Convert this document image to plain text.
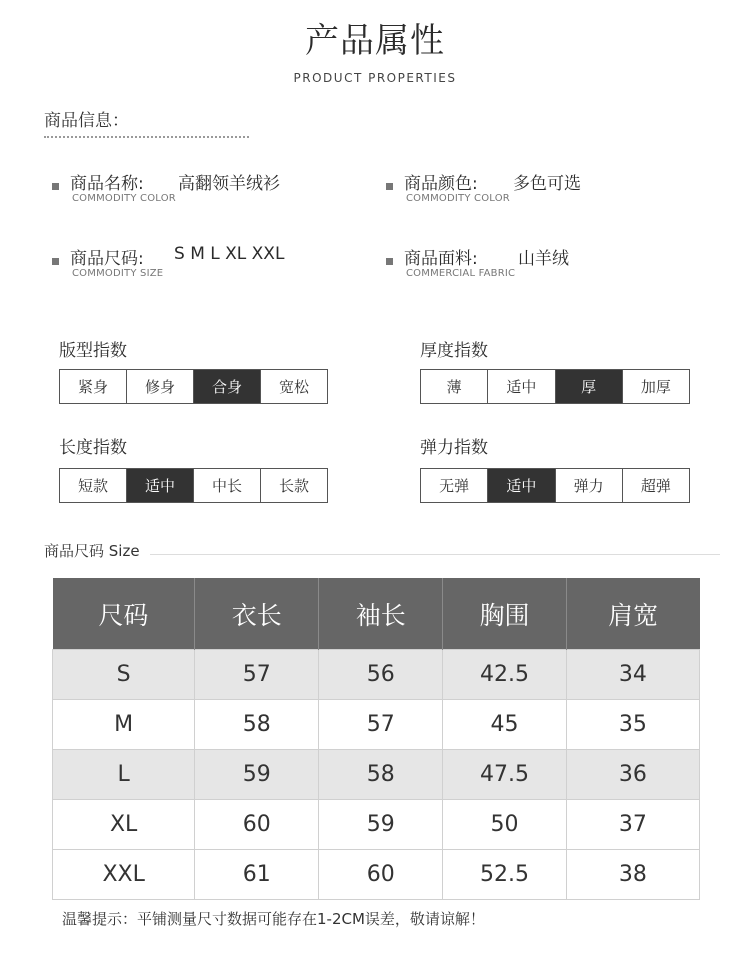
产品属性
PRODUCT PROPERTIES
商品信息：
商品名称: 高翻领羊绒衫
COMMODITY COLOR
商品颜色: 多色可选
COMMODITY COLOR
商品尺码: S M L XL XXL
COMMODITY SIZE
商品面料: 山羊绒
COMMERCIAL FABRIC
版型指数
紧身	修身	合身	宽松
厚度指数
薄	适中	厚	加厚
长度指数
短款	适中	中长	长款
弹力指数
无弹	适中	弹力	超弹
商品尺码 Size
尺码	衣长	袖长	胸围	肩宽
S	57	56	42.5	34
M	58	57	45	35
L	59	58	47.5	36
XL	60	59	50	37
XXL	61	60	52.5	38
温馨提示：平铺测量尺寸数据可能存在1-2CM误差，敬请谅解！
